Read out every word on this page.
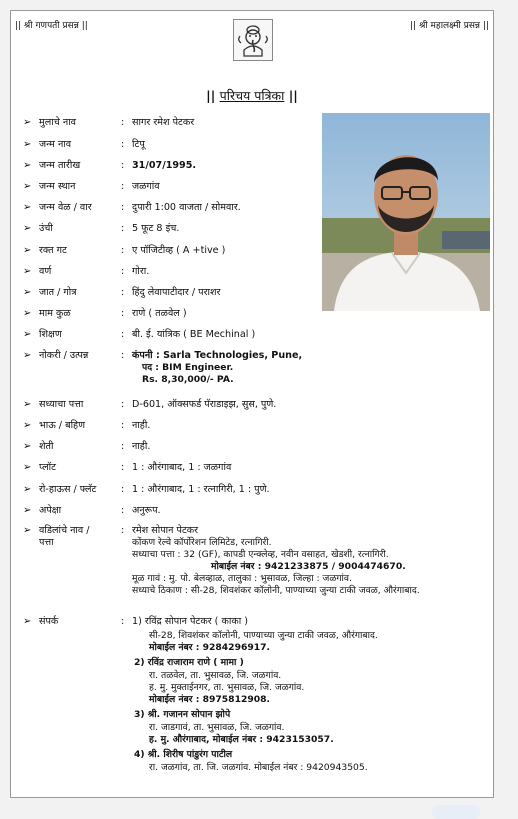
|| श्री गणपती प्रसन्न ||	|| श्री महालक्ष्मी प्रसन्न ||
|| परिचय पत्रिका ||
➢ मुलाचे नाव	: सागर रमेश पेटकर
➢ जन्म नाव	: टिपू
➢ जन्म तारीख	: 31/07/1995.
➢ जन्म स्थान	: जळगांव
➢ जन्म वेळ / वार	: दुपारी 1:00 वाजता / सोमवार.
➢ उंची	: 5 फूट 8 इंच.
➢ रक्त गट	: ए पॉजिटीव्ह ( A +tive )
➢ वर्ण	: गोरा.
➢ जात / गोत्र	: हिंदु लेवापाटीदार / पराशर
➢ माम कुळ	: राणे ( तळवेल )
➢ शिक्षण	: बी. ई. यांत्रिक ( BE Mechinal )
➢ नोकरी / उत्पन्न	: कंपनी : Sarla Technologies, Pune,
पद : BIM Engineer.
Rs. 8,30,000/- PA.
➢ सध्याचा पत्ता	: D-601, ऑक्सफर्ड पॅराडाइझ, सुस, पुणे.
➢ भाऊ / बहिण	: नाही.
➢ शेती	: नाही.
➢ प्लॉट	: 1 : औरंगाबाद, 1 : जळगांव
➢ रो-हाऊस / फ्लॅट	: 1 : औरंगाबाद, 1 : रत्नागिरी, 1 : पुणे.
➢ अपेक्षा	: अनुरूप.
➢ वडिलांचे नाव /	: रमेश सोपान पेटकर
पत्ता	कोंकण रेल्वे कॉर्पोरेशन लिमिटेड, रत्नागिरी.
सध्याचा पत्ता : 32 (GF), कापडी एन्क्लेव्ह, नवीन वसाहत, खेडशी, रत्नागिरी.
मोबाईल नंबर : 9421233875 / 9004474670.
मूळ गावं : मु. पो. बेलव्हाळ, तालुका : भुसावळ, जिल्हा : जळगांव.
सध्याचे ठिकाण : सी-28, शिवशंकर कॉलोनी, पाण्याच्या जुन्या टाकी जवळ, औरंगाबाद.
➢ संपर्क	: 1) रविंद्र सोपान पेटकर ( काका )
सी-28, शिवशंकर कॉलोनी, पाण्याच्या जुन्या टाकी जवळ, औरंगाबाद.
मोबाईल नंबर : 9284296917.
2) रविंद्र राजाराम राणे ( मामा )
रा. तळवेल, ता. भुसावळ, जि. जळगांव.
ह. मु. मुक्ताईनगर, ता. भुसावळ, जि. जळगांव.
मोबाईल नंबर : 8975812908.
3) श्री. गजानन सोपान झोपे
रा. जाडगावं, ता. भुसावळ, जि. जळगांव.
ह. मु. औरंगाबाद, मोबाईल नंबर : 9423153057.
4) श्री. शिरीष पांडुरंग पाटील
रा. जळगांव, ता. जि. जळगांव. मोबाईल नंबर : 9420943505.
